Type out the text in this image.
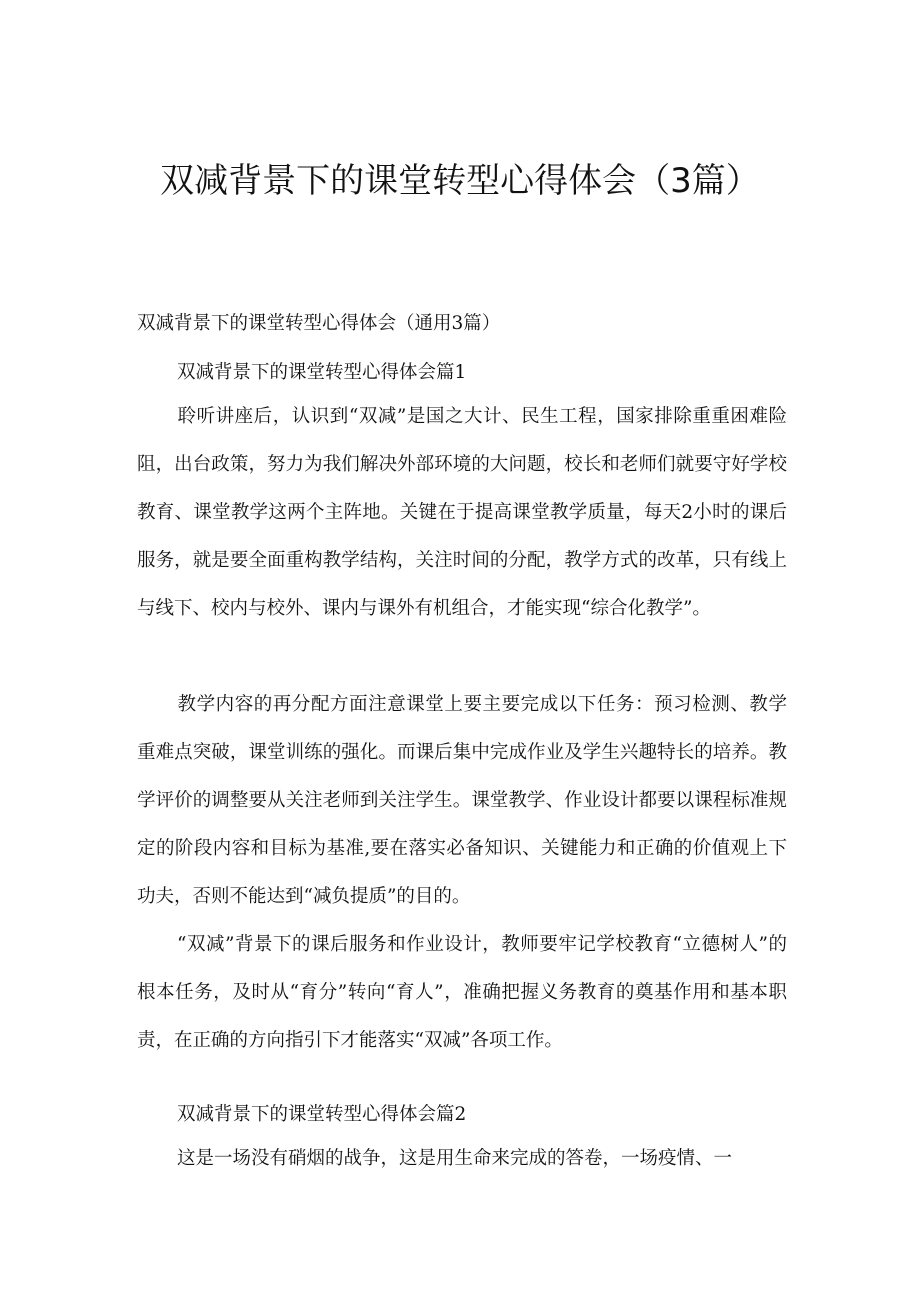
双减背景下的课堂转型心得体会（3篇）
双减背景下的课堂转型心得体会（通用3篇）
双减背景下的课堂转型心得体会篇1

聆听讲座后，认识到“双减”是国之大计、民生工程，国家排除重重困难险阻，出台政策，努力为我们解决外部环境的大问题，校长和老师们就要守好学校教育、课堂教学这两个主阵地。关键在于提高课堂教学质量，每天2小时的课后服务，就是要全面重构教学结构，关注时间的分配，教学方式的改革，只有线上与线下、校内与校外、课内与课外有机组合，才能实现“综合化教学”。

教学内容的再分配方面注意课堂上要主要完成以下任务：预习检测、教学重难点突破，课堂训练的强化。而课后集中完成作业及学生兴趣特长的培养。教学评价的调整要从关注老师到关注学生。课堂教学、作业设计都要以课程标准规定的阶段内容和目标为基准,要在落实必备知识、关键能力和正确的价值观上下功夫，否则不能达到“减负提质”的目的。

“双减”背景下的课后服务和作业设计，教师要牢记学校教育“立德树人”的根本任务，及时从“育分”转向“育人”，准确把握义务教育的奠基作用和基本职责，在正确的方向指引下才能落实“双减”各项工作。

双减背景下的课堂转型心得体会篇2

这是一场没有硝烟的战争，这是用生命来完成的答卷，一场疫情、一
